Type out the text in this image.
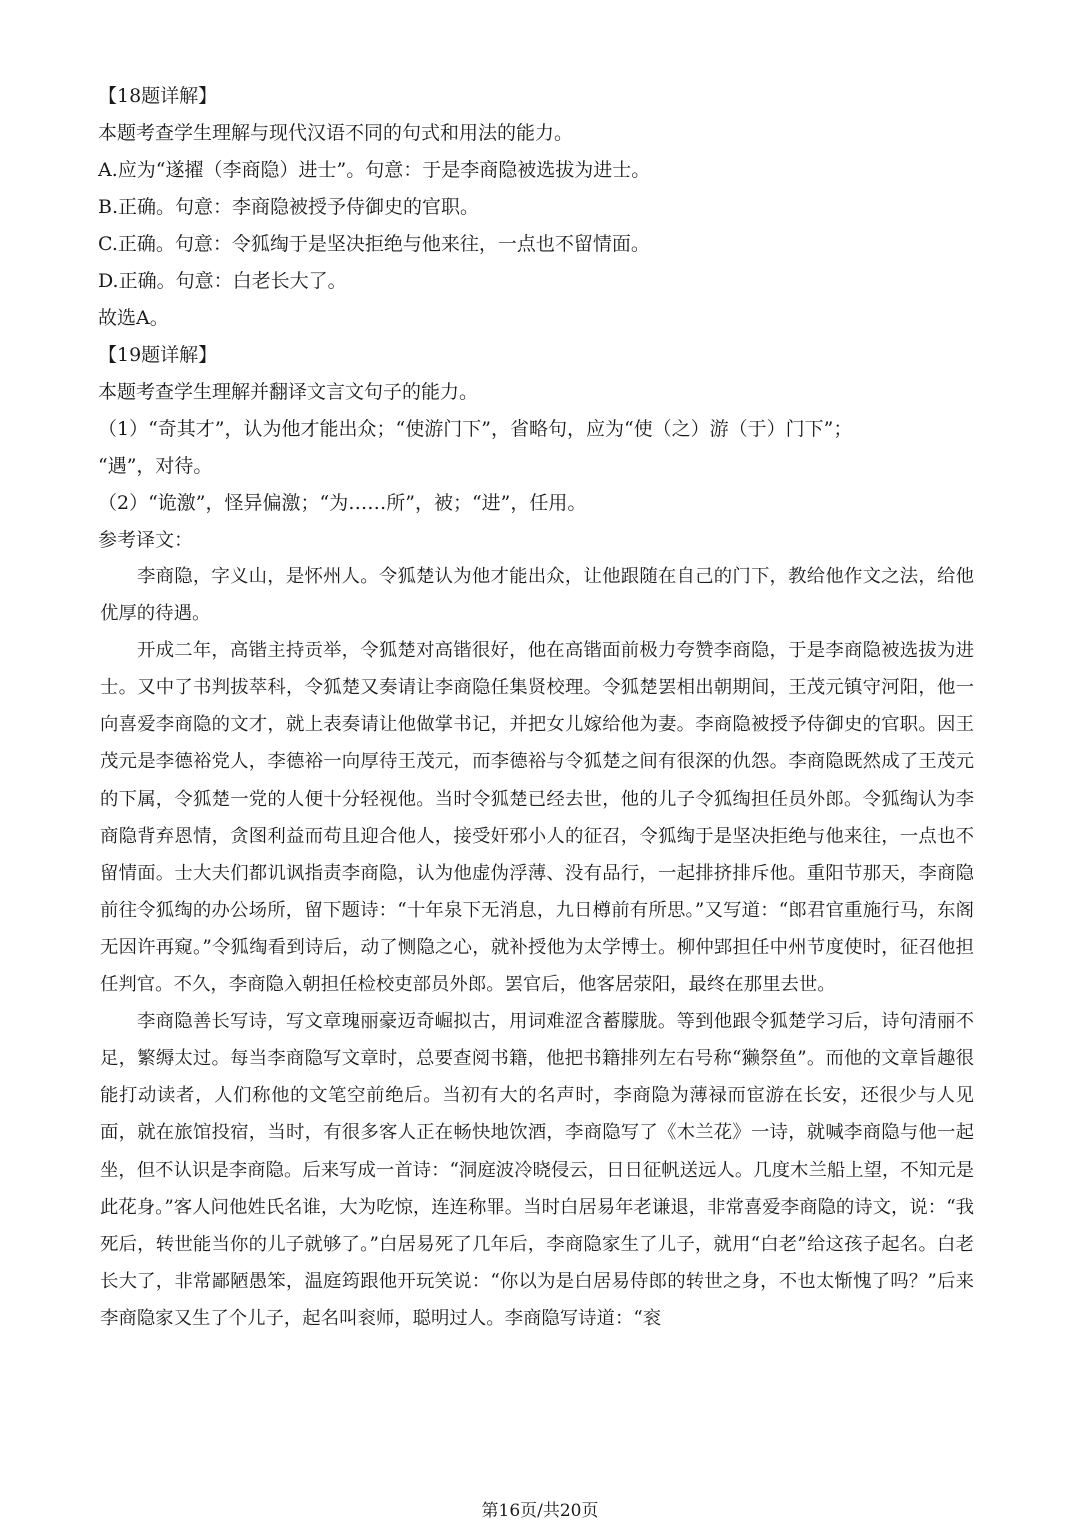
【18题详解】

本题考查学生理解与现代汉语不同的句式和用法的能力。

A.应为“遂擢（李商隐）进士”。句意：于是李商隐被选拔为进士。

B.正确。句意：李商隐被授予侍御史的官职。

C.正确。句意：令狐绹于是坚决拒绝与他来往，一点也不留情面。

D.正确。句意：白老长大了。

故选A。

【19题详解】

本题考查学生理解并翻译文言文句子的能力。

（1）“奇其才”，认为他才能出众；“使游门下”，省略句，应为“使（之）游（于）门下”；

“遇”，对待。

（2）“诡激”，怪异偏激；“为……所”，被；“进”，任用。

参考译文：

李商隐，字义山，是怀州人。令狐楚认为他才能出众，让他跟随在自己的门下，教给他作文之法，给他优厚的待遇。

开成二年，高锴主持贡举，令狐楚对高锴很好，他在高锴面前极力夸赞李商隐，于是李商隐被选拔为进士。又中了书判拔萃科，令狐楚又奏请让李商隐任集贤校理。令狐楚罢相出朝期间，王茂元镇守河阳，他一向喜爱李商隐的文才，就上表奏请让他做掌书记，并把女儿嫁给他为妻。李商隐被授予侍御史的官职。因王茂元是李德裕党人，李德裕一向厚待王茂元，而李德裕与令狐楚之间有很深的仇怨。李商隐既然成了王茂元的下属，令狐楚一党的人便十分轻视他。当时令狐楚已经去世，他的儿子令狐绹担任员外郎。令狐绹认为李商隐背弃恩情，贪图利益而苟且迎合他人，接受奸邪小人的征召，令狐绹于是坚决拒绝与他来往，一点也不留情面。士大夫们都讥讽指责李商隐，认为他虚伪浮薄、没有品行，一起排挤排斥他。重阳节那天，李商隐前往令狐绹的办公场所，留下题诗：“十年泉下无消息，九日樽前有所思。”又写道：“郎君官重施行马，东阁无因许再窥。”令狐绹看到诗后，动了恻隐之心，就补授他为太学博士。柳仲郢担任中州节度使时，征召他担任判官。不久，李商隐入朝担任检校吏部员外郎。罢官后，他客居荥阳，最终在那里去世。

李商隐善长写诗，写文章瑰丽豪迈奇崛拟古，用词难涩含蓄朦胧。等到他跟令狐楚学习后，诗句清丽不足，繁缛太过。每当李商隐写文章时，总要查阅书籍，他把书籍排列左右号称“獭祭鱼”。而他的文章旨趣很能打动读者，人们称他的文笔空前绝后。当初有大的名声时，李商隐为薄禄而宦游在长安，还很少与人见面，就在旅馆投宿，当时，有很多客人正在畅快地饮酒，李商隐写了《木兰花》一诗，就喊李商隐与他一起坐，但不认识是李商隐。后来写成一首诗：“洞庭波冷晓侵云，日日征帆送远人。几度木兰船上望，不知元是此花身。”客人问他姓氏名谁，大为吃惊，连连称罪。当时白居易年老谦退，非常喜爱李商隐的诗文，说：“我死后，转世能当你的儿子就够了。”白居易死了几年后，李商隐家生了儿子，就用“白老”给这孩子起名。白老长大了，非常鄙陋愚笨，温庭筠跟他开玩笑说：“你以为是白居易侍郎的转世之身，不也太惭愧了吗？”后来李商隐家又生了个儿子，起名叫衮师，聪明过人。李商隐写诗道：“衮

第16页/共20页
